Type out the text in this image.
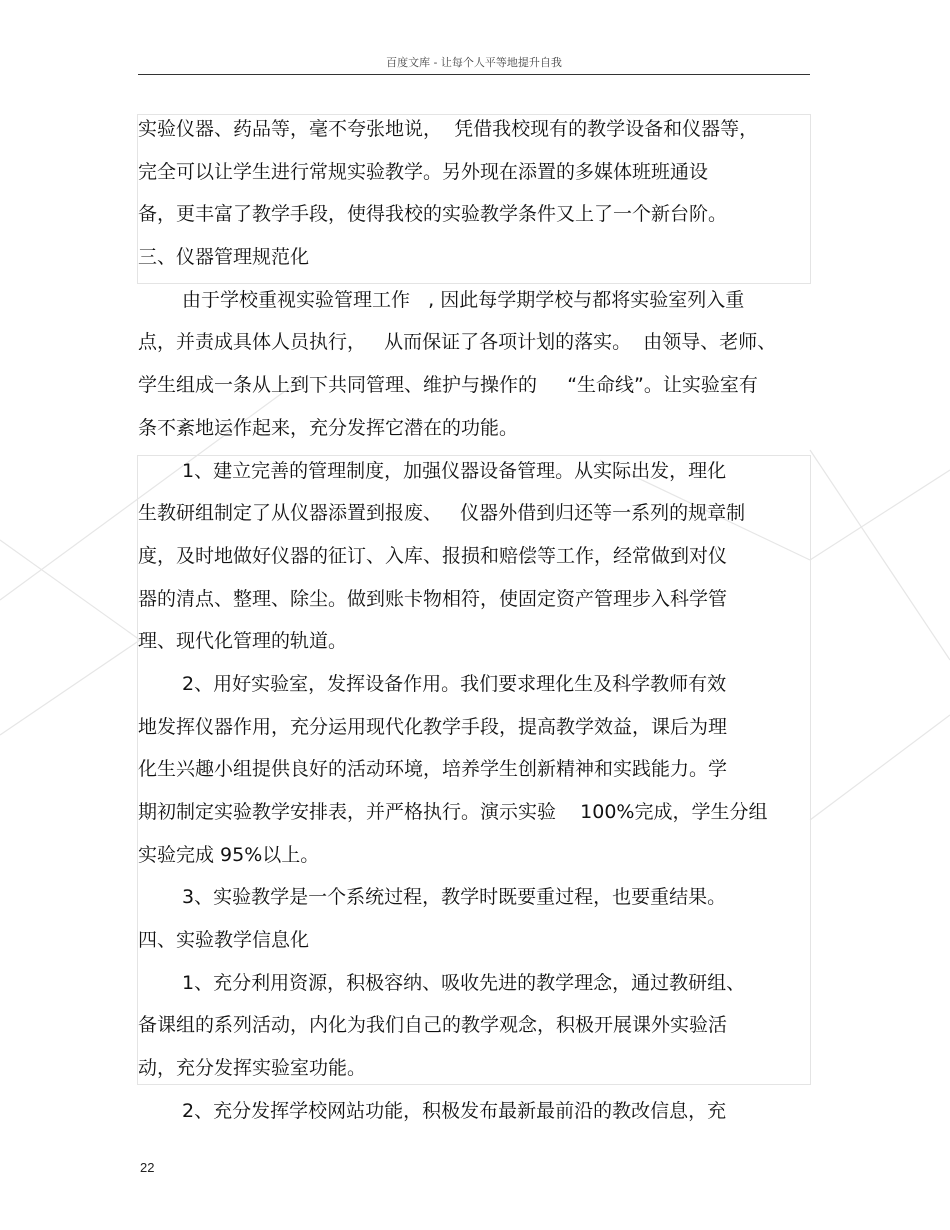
百度文库 - 让每个人平等地提升自我
实验仪器、药品等，毫不夸张地说，  凭借我校现有的教学设备和仪器等，
完全可以让学生进行常规实验教学。另外现在添置的多媒体班班通设
备，更丰富了教学手段，使得我校的实验教学条件又上了一个新台阶。
三、仪器管理规范化
由于学校重视实验管理工作   , 因此每学期学校与都将实验室列入重
点，并责成具体人员执行，   从而保证了各项计划的落实。  由领导、老师、
学生组成一条从上到下共同管理、维护与操作的     “生命线”。让实验室有
条不紊地运作起来，充分发挥它潜在的功能。
1、建立完善的管理制度，加强仪器设备管理。从实际出发，理化
生教研组制定了从仪器添置到报废、   仪器外借到归还等一系列的规章制
度，及时地做好仪器的征订、入库、报损和赔偿等工作，经常做到对仪
器的清点、整理、除尘。做到账卡物相符，使固定资产管理步入科学管
理、现代化管理的轨道。
2、用好实验室，发挥设备作用。我们要求理化生及科学教师有效
地发挥仪器作用，充分运用现代化教学手段，提高教学效益，课后为理
化生兴趣小组提供良好的活动环境，培养学生创新精神和实践能力。学
期初制定实验教学安排表，并严格执行。演示实验    100%完成，学生分组
实验完成 95%以上。
3、实验教学是一个系统过程，教学时既要重过程，也要重结果。
四、实验教学信息化
1、充分利用资源，积极容纳、吸收先进的教学理念，通过教研组、
备课组的系列活动，内化为我们自己的教学观念，积极开展课外实验活
动，充分发挥实验室功能。
2、充分发挥学校网站功能，积极发布最新最前沿的教改信息，充
22
